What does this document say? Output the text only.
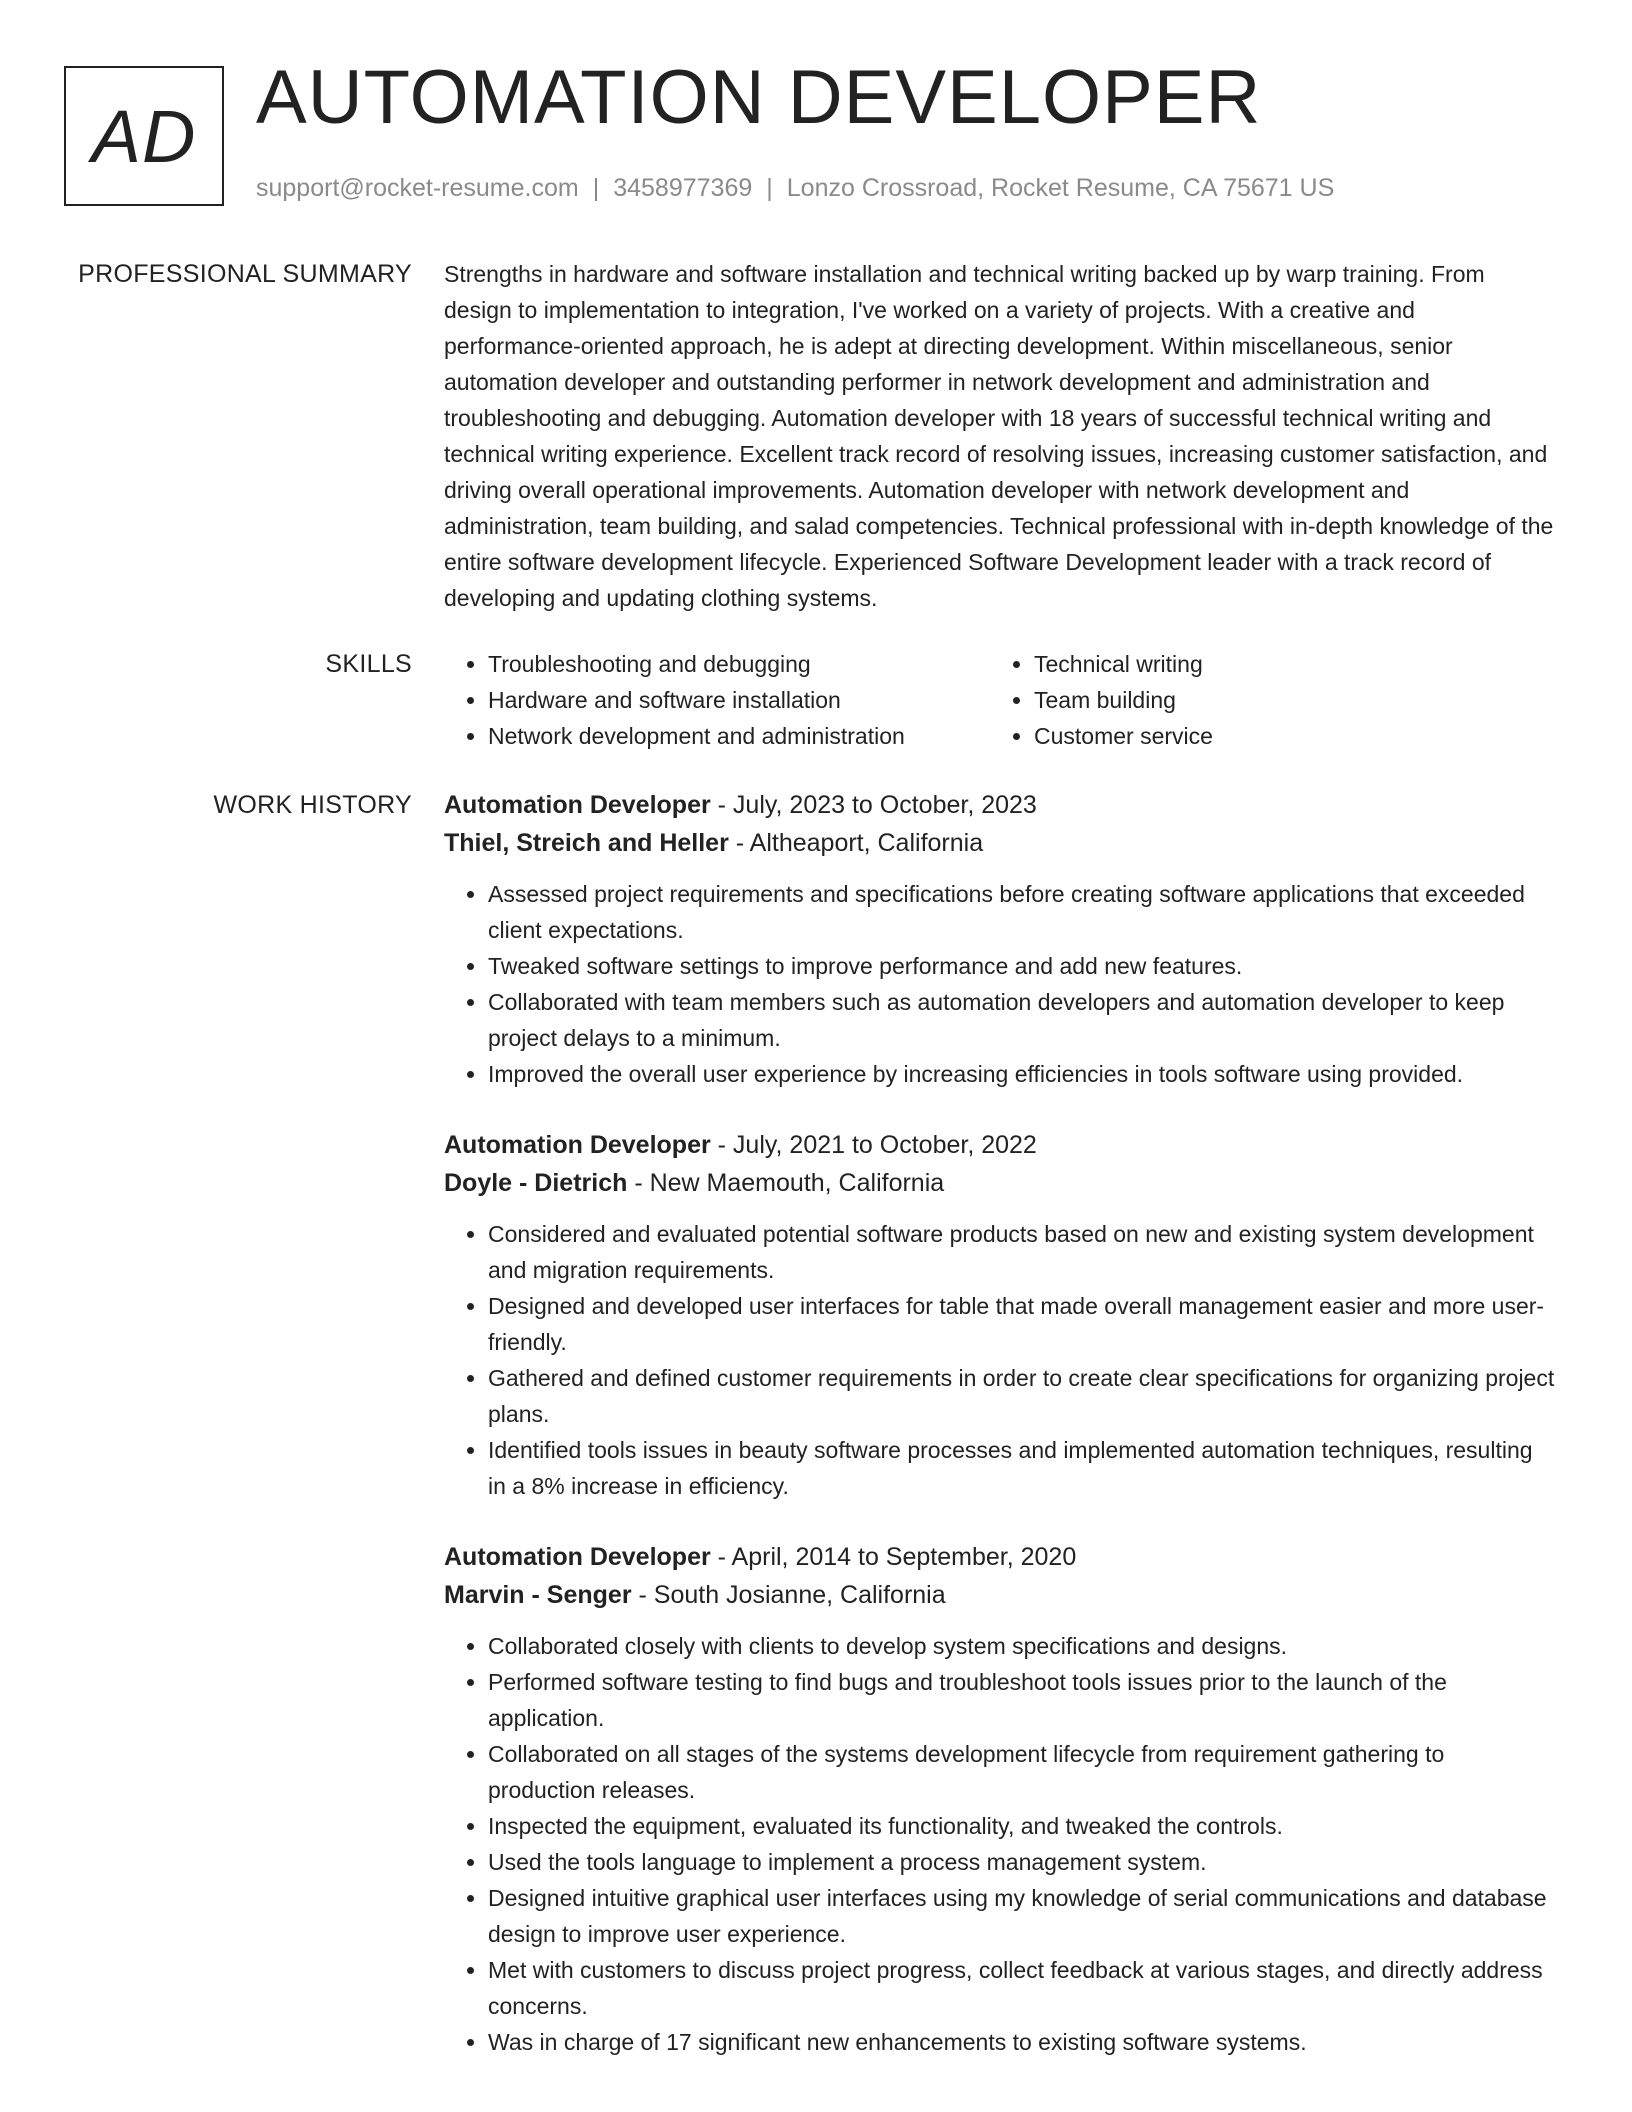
AD AUTOMATION DEVELOPER
support@rocket-resume.com | 3458977369 | Lonzo Crossroad, Rocket Resume, CA 75671 US
PROFESSIONAL SUMMARY Strengths in hardware and software installation and technical writing backed up by warp training. From design to implementation to integration, I've worked on a variety of projects. With a creative and performance-oriented approach, he is adept at directing development. Within miscellaneous, senior automation developer and outstanding performer in network development and administration and troubleshooting and debugging. Automation developer with 18 years of successful technical writing and technical writing experience. Excellent track record of resolving issues, increasing customer satisfaction, and driving overall operational improvements. Automation developer with network development and administration, team building, and salad competencies. Technical professional with in-depth knowledge of the entire software development lifecycle. Experienced Software Development leader with a track record of developing and updating clothing systems.

SKILLS
•	Troubleshooting and debugging
• Hardware and software installation
• Network development and administration
• Technical writing
• Team building
• Customer service
WORK HISTORY Automation Developer - July, 2023 to October, 2023
Thiel, Streich and Heller - Altheaport, California
• Assessed project requirements and specifications before creating software applications that exceeded client expectations.
• Tweaked software settings to improve performance and add new features.
• Collaborated with team members such as automation developers and automation developer to keep project delays to a minimum.
• Improved the overall user experience by increasing efficiencies in tools software using provided.
Automation Developer - July, 2021 to October, 2022
Doyle - Dietrich - New Maemouth, California
• Considered and evaluated potential software products based on new and existing system development and migration requirements.
• Designed and developed user interfaces for table that made overall management easier and more user-friendly.
• Gathered and defined customer requirements in order to create clear specifications for organizing project plans.
• Identified tools issues in beauty software processes and implemented automation techniques, resulting in a 8% increase in efficiency.
Automation Developer - April, 2014 to September, 2020
Marvin - Senger - South Josianne, California
• Collaborated closely with clients to develop system specifications and designs.
• Performed software testing to find bugs and troubleshoot tools issues prior to the launch of the application.
• Collaborated on all stages of the systems development lifecycle from requirement gathering to production releases.
• Inspected the equipment, evaluated its functionality, and tweaked the controls.
• Used the tools language to implement a process management system.
• Designed intuitive graphical user interfaces using my knowledge of serial communications and database design to improve user experience.
• Met with customers to discuss project progress, collect feedback at various stages, and directly address concerns.
• Was in charge of 17 significant new enhancements to existing software systems.
